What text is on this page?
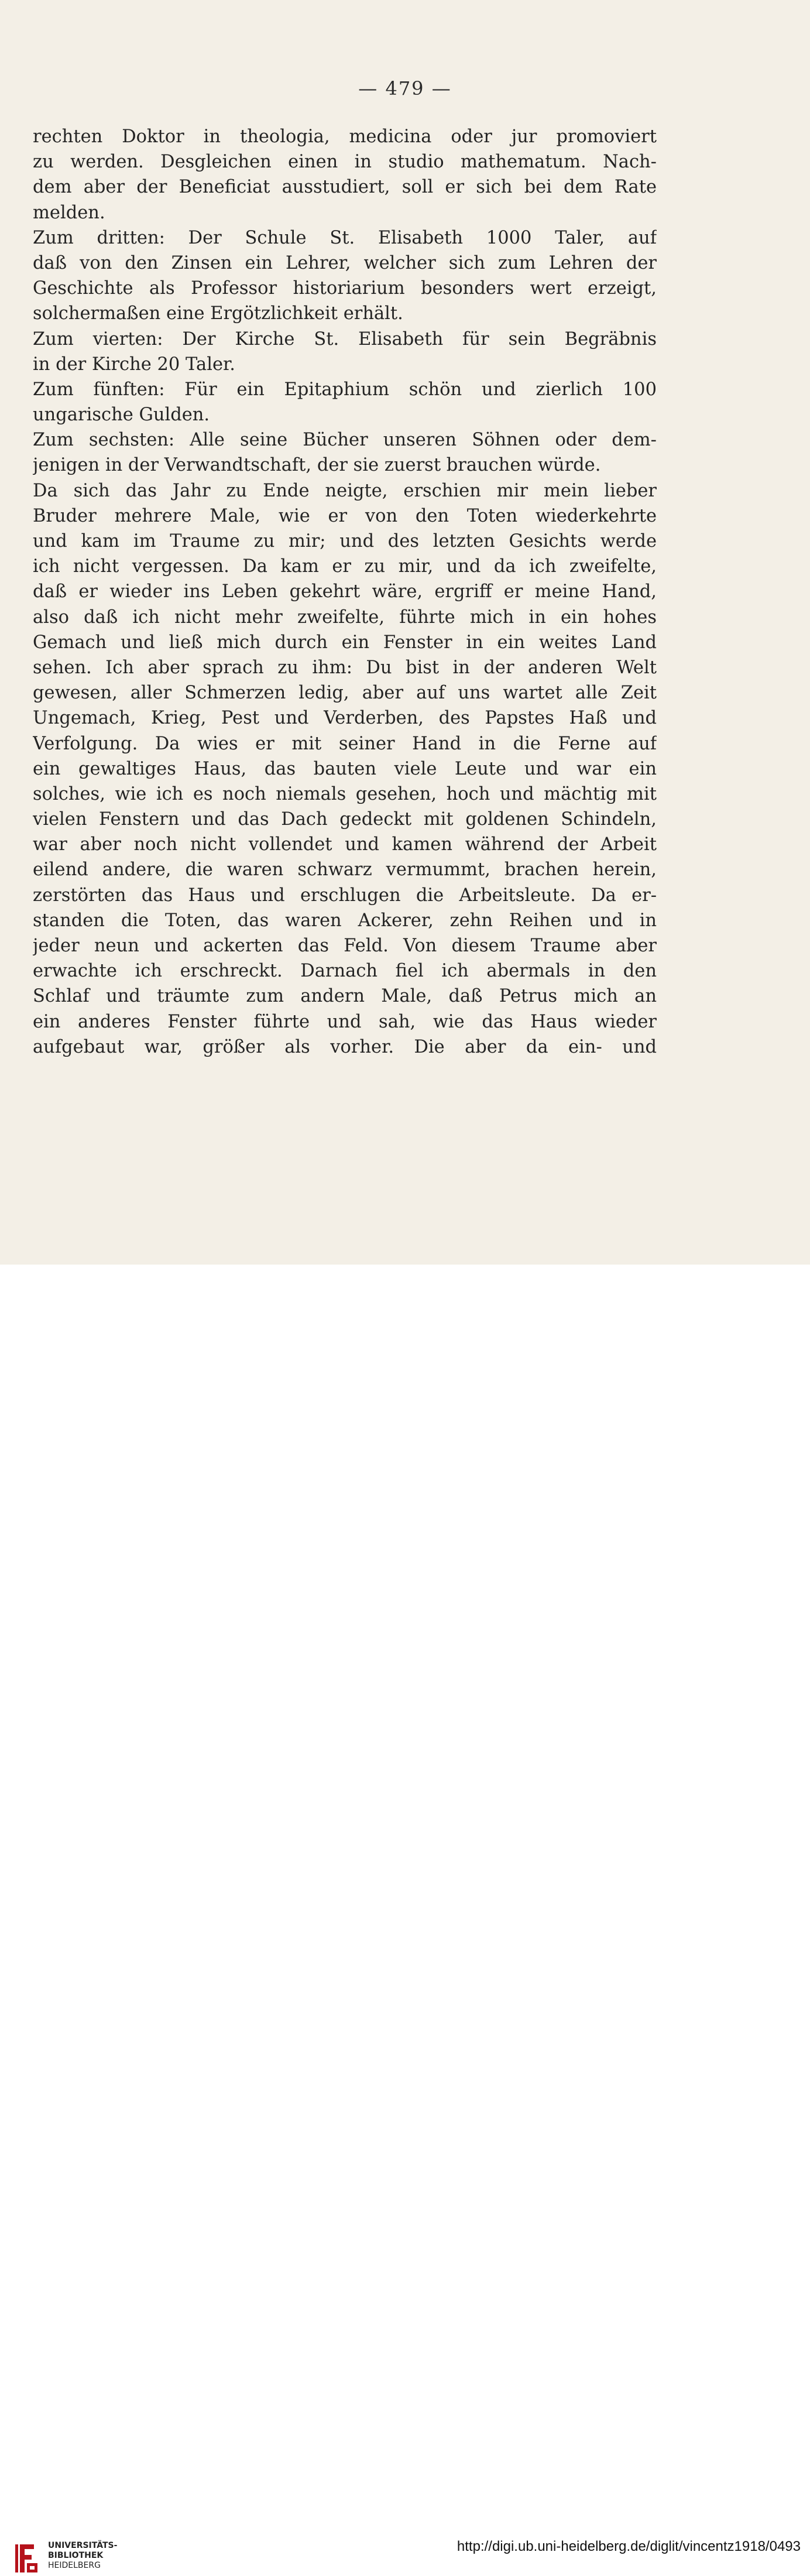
— 479 —
rechten Doktor in theologia, medicina oder jur promoviert
zu werden. Desgleichen einen in studio mathematum. Nach-
dem aber der Beneficiat ausstudiert, soll er sich bei dem Rate
melden.
Zum dritten: Der Schule St. Elisabeth 1000 Taler, auf
daß von den Zinsen ein Lehrer, welcher sich zum Lehren der
Geschichte als Professor historiarium besonders wert erzeigt,
solchermaßen eine Ergötzlichkeit erhält.
Zum vierten: Der Kirche St. Elisabeth für sein Begräbnis
in der Kirche 20 Taler.
Zum fünften: Für ein Epitaphium schön und zierlich 100
ungarische Gulden.
Zum sechsten: Alle seine Bücher unseren Söhnen oder dem-
jenigen in der Verwandtschaft, der sie zuerst brauchen würde.
Da sich das Jahr zu Ende neigte, erschien mir mein lieber
Bruder mehrere Male, wie er von den Toten wiederkehrte
und kam im Traume zu mir; und des letzten Gesichts werde
ich nicht vergessen. Da kam er zu mir, und da ich zweifelte,
daß er wieder ins Leben gekehrt wäre, ergriff er meine Hand,
also daß ich nicht mehr zweifelte, führte mich in ein hohes
Gemach und ließ mich durch ein Fenster in ein weites Land
sehen. Ich aber sprach zu ihm: Du bist in der anderen Welt
gewesen, aller Schmerzen ledig, aber auf uns wartet alle Zeit
Ungemach, Krieg, Pest und Verderben, des Papstes Haß und
Verfolgung. Da wies er mit seiner Hand in die Ferne auf
ein gewaltiges Haus, das bauten viele Leute und war ein
solches, wie ich es noch niemals gesehen, hoch und mächtig mit
vielen Fenstern und das Dach gedeckt mit goldenen Schindeln,
war aber noch nicht vollendet und kamen während der Arbeit
eilend andere, die waren schwarz vermummt, brachen herein,
zerstörten das Haus und erschlugen die Arbeitsleute. Da er-
standen die Toten, das waren Ackerer, zehn Reihen und in
jeder neun und ackerten das Feld. Von diesem Traume aber
erwachte ich erschreckt. Darnach fiel ich abermals in den
Schlaf und träumte zum andern Male, daß Petrus mich an
ein anderes Fenster führte und sah, wie das Haus wieder
aufgebaut war, größer als vorher. Die aber da ein- und
UNIVERSITÄTS-
BIBLIOTHEK
HEIDELBERG
http://digi.ub.uni-heidelberg.de/diglit/vincentz1918/0493
